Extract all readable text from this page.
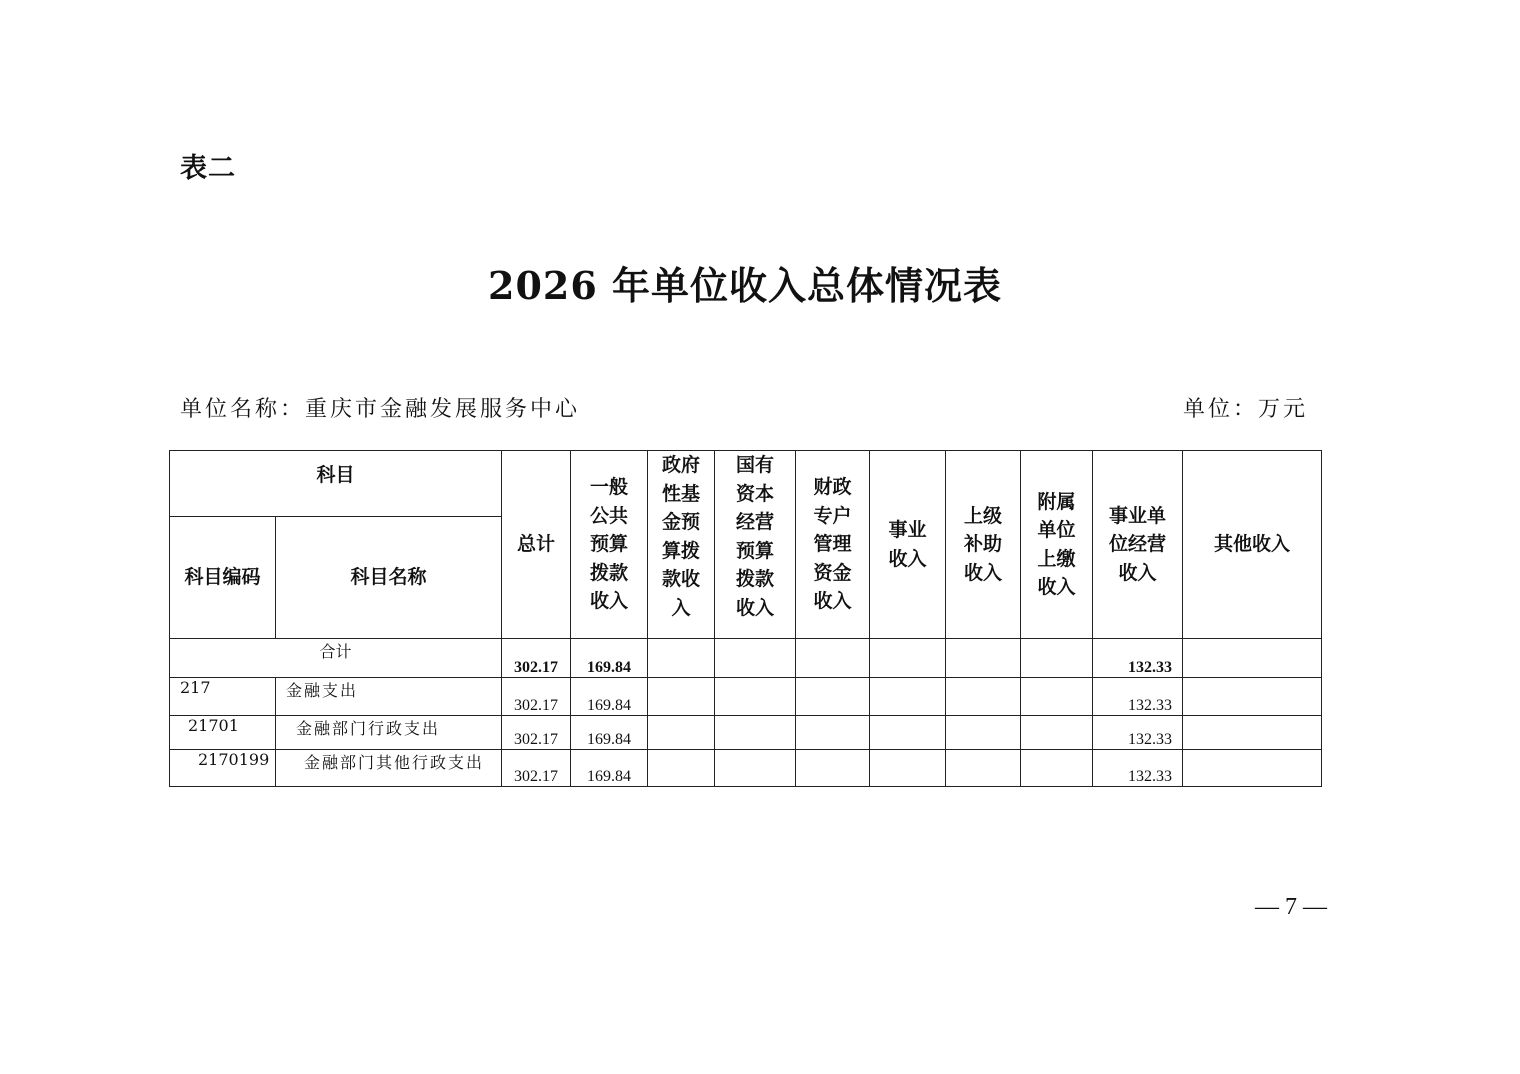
表二
2026 年单位收入总体情况表
单位名称：重庆市金融发展服务中心	单位：万元
科目		总计	一般公共预算拨款收入	政府性基金预算拨款收入	国有资本经营预算拨款收入	财政专户管理资金收入	事业收入	上级补助收入	附属单位上缴收入	事业单位经营收入	其他收入
科目编码	科目名称										
合计		302.17	169.84							132.33	
217	金融支出	302.17	169.84							132.33	
21701	金融部门行政支出	302.17	169.84							132.33	
2170199	金融部门其他行政支出	302.17	169.84							132.33	
— 7 —
